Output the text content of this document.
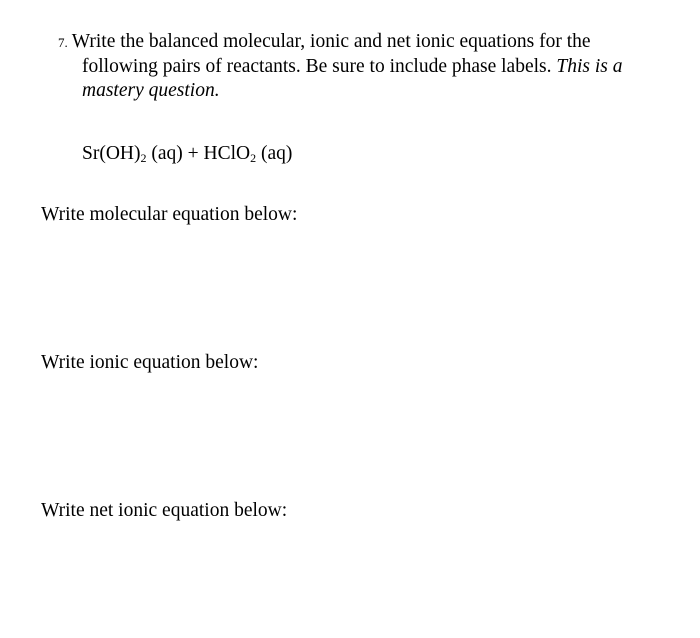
7. Write the balanced molecular, ionic and net ionic equations for the
following pairs of reactants. Be sure to include phase labels. This is a
mastery question.
$Sr(OH)_2$ (aq) + HClO$_2$ (aq)
Write molecular equation below:
Write ionic equation below:
Write net ionic equation below:
